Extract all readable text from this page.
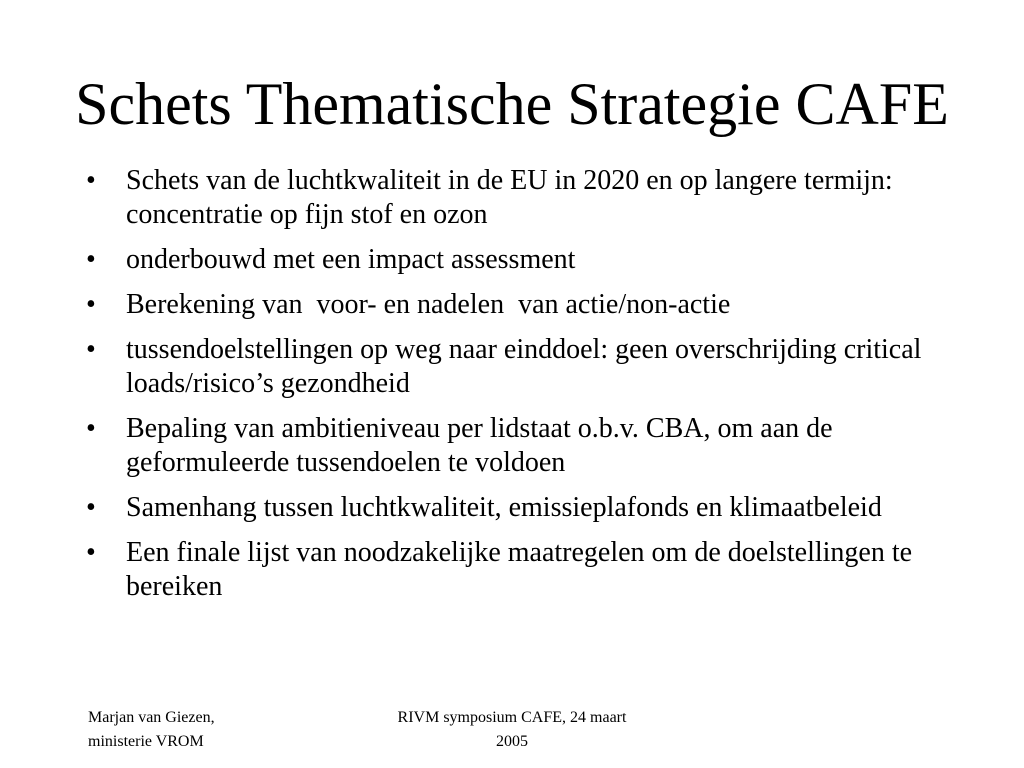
Schets Thematische Strategie CAFE
•	Schets van de luchtkwaliteit in de EU in 2020 en op langere termijn: concentratie op fijn stof en ozon
•	onderbouwd met een impact assessment
•	Berekening van  voor- en nadelen  van actie/non-actie
•	tussendoelstellingen op weg naar einddoel: geen overschrijding critical loads/risico’s gezondheid
•	Bepaling van ambitieniveau per lidstaat o.b.v. CBA, om aan de geformuleerde tussendoelen te voldoen
•	Samenhang tussen luchtkwaliteit, emissieplafonds en klimaatbeleid
•	Een finale lijst van noodzakelijke maatregelen om de doelstellingen te bereiken
Marjan van Giezen,
ministerie VROM
RIVM symposium CAFE, 24 maart
2005
